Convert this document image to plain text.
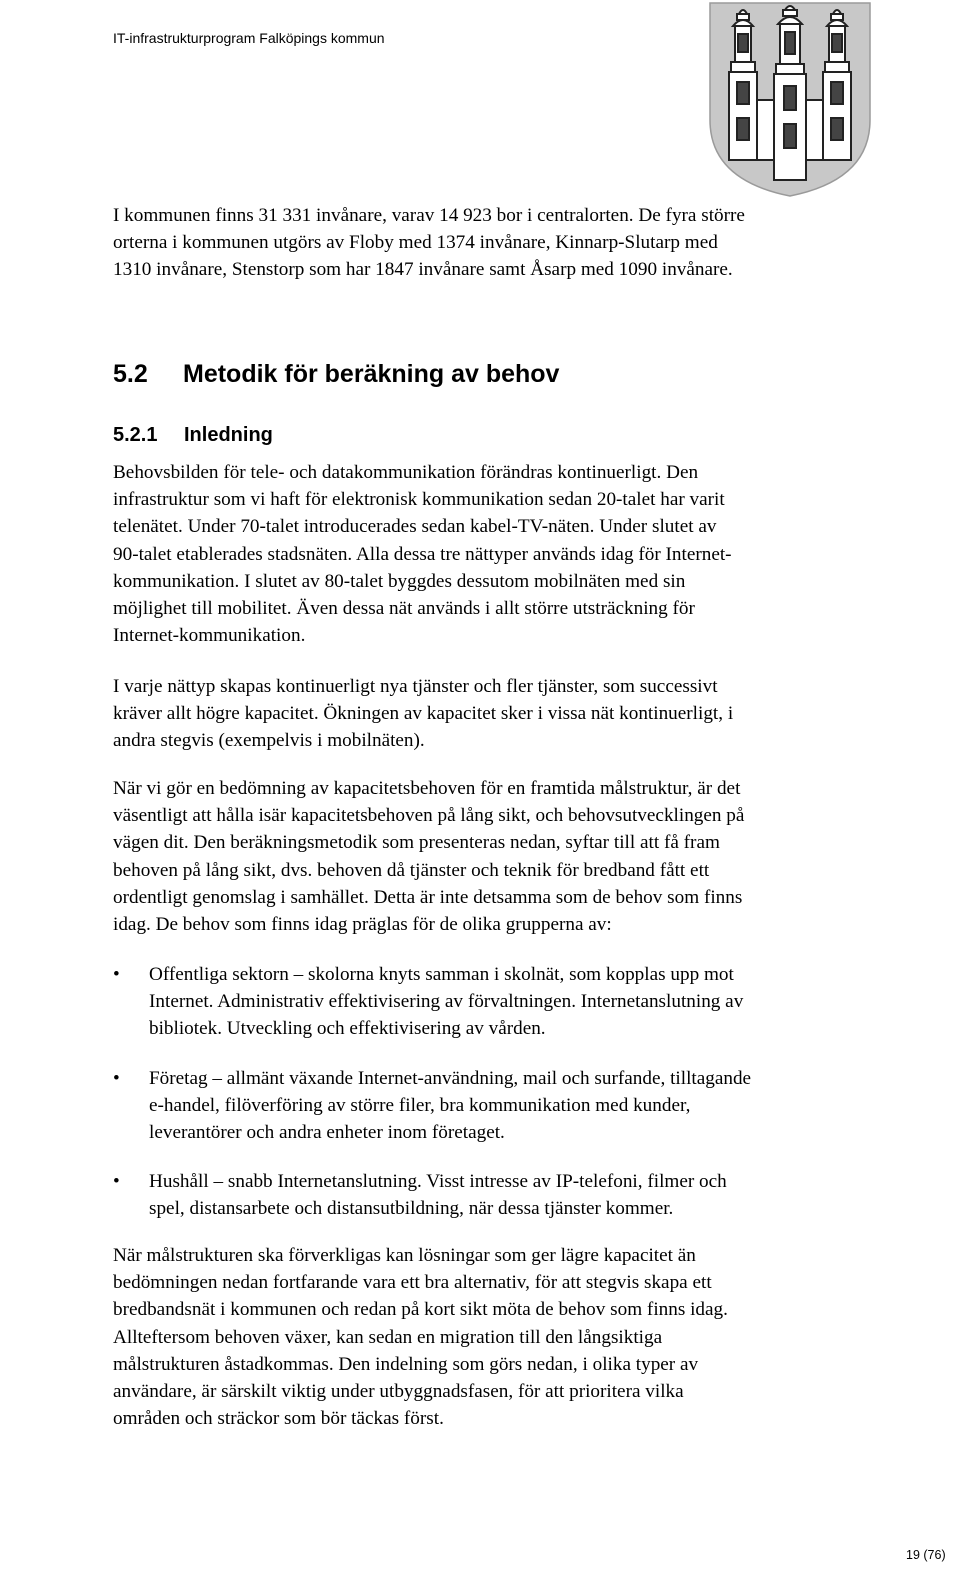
IT-infrastrukturprogram Falköpings kommun
I kommunen finns 31 331 invånare, varav 14 923 bor i centralorten. De fyra större
orterna i kommunen utgörs av Floby med 1374 invånare, Kinnarp-Slutarp med
1310 invånare, Stenstorp som har 1847 invånare samt Åsarp med 1090 invånare.
5.2 Metodik för beräkning av behov
5.2.1 Inledning
Behovsbilden för tele- och datakommunikation förändras kontinuerligt. Den
infrastruktur som vi haft för elektronisk kommunikation sedan 20-talet har varit
telenätet. Under 70-talet introducerades sedan kabel-TV-näten. Under slutet av
90-talet etablerades stadsnäten. Alla dessa tre nättyper används idag för Internet-
kommunikation. I slutet av 80-talet byggdes dessutom mobilnäten med sin
möjlighet till mobilitet. Även dessa nät används i allt större utsträckning för
Internet-kommunikation.
I varje nättyp skapas kontinuerligt nya tjänster och fler tjänster, som successivt
kräver allt högre kapacitet. Ökningen av kapacitet sker i vissa nät kontinuerligt, i
andra stegvis (exempelvis i mobilnäten).
När vi gör en bedömning av kapacitetsbehoven för en framtida målstruktur, är det
väsentligt att hålla isär kapacitetsbehoven på lång sikt, och behovsutvecklingen på
vägen dit. Den beräkningsmetodik som presenteras nedan, syftar till att få fram
behoven på lång sikt, dvs. behoven då tjänster och teknik för bredband fått ett
ordentligt genomslag i samhället. Detta är inte detsamma som de behov som finns
idag. De behov som finns idag präglas för de olika grupperna av:
• Offentliga sektorn – skolorna knyts samman i skolnät, som kopplas upp mot
Internet. Administrativ effektivisering av förvaltningen. Internetanslutning av
bibliotek. Utveckling och effektivisering av vården.
• Företag – allmänt växande Internet-användning, mail och surfande, tilltagande
e-handel, filöverföring av större filer, bra kommunikation med kunder,
leverantörer och andra enheter inom företaget.
• Hushåll – snabb Internetanslutning. Visst intresse av IP-telefoni, filmer och
spel, distansarbete och distansutbildning, när dessa tjänster kommer.
När målstrukturen ska förverkligas kan lösningar som ger lägre kapacitet än
bedömningen nedan fortfarande vara ett bra alternativ, för att stegvis skapa ett
bredbandsnät i kommunen och redan på kort sikt möta de behov som finns idag.
Allteftersom behoven växer, kan sedan en migration till den långsiktiga
målstrukturen åstadkommas. Den indelning som görs nedan, i olika typer av
användare, är särskilt viktig under utbyggnadsfasen, för att prioritera vilka
områden och sträckor som bör täckas först.
19 (76)
